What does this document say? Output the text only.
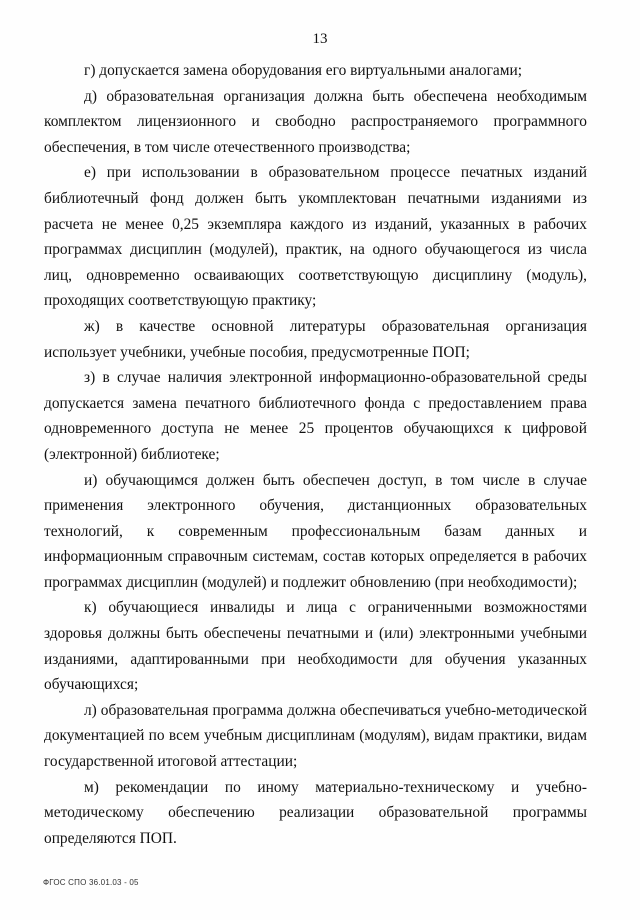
13

г) допускается замена оборудования его виртуальными аналогами;

д) образовательная организация должна быть обеспечена необходимым комплектом лицензионного и свободно распространяемого программного обеспечения, в том числе отечественного производства;

е) при использовании в образовательном процессе печатных изданий библиотечный фонд должен быть укомплектован печатными изданиями из расчета не менее 0,25 экземпляра каждого из изданий, указанных в рабочих программах дисциплин (модулей), практик, на одного обучающегося из числа лиц, одновременно осваивающих соответствующую дисциплину (модуль), проходящих соответствующую практику;

ж) в качестве основной литературы образовательная организация использует учебники, учебные пособия, предусмотренные ПОП;

з) в случае наличия электронной информационно-образовательной среды допускается замена печатного библиотечного фонда с предоставлением права одновременного доступа не менее 25 процентов обучающихся к цифровой (электронной) библиотеке;

и) обучающимся должен быть обеспечен доступ, в том числе в случае применения электронного обучения, дистанционных образовательных технологий, к современным профессиональным базам данных и информационным справочным системам, состав которых определяется в рабочих программах дисциплин (модулей) и подлежит обновлению (при необходимости);

к) обучающиеся инвалиды и лица с ограниченными возможностями здоровья должны быть обеспечены печатными и (или) электронными учебными изданиями, адаптированными при необходимости для обучения указанных обучающихся;

л) образовательная программа должна обеспечиваться учебно-методической документацией по всем учебным дисциплинам (модулям), видам практики, видам государственной итоговой аттестации;

м) рекомендации по иному материально-техническому и учебно-методическому обеспечению реализации образовательной программы определяются ПОП.

ФГОС СПО 36.01.03 - 05
